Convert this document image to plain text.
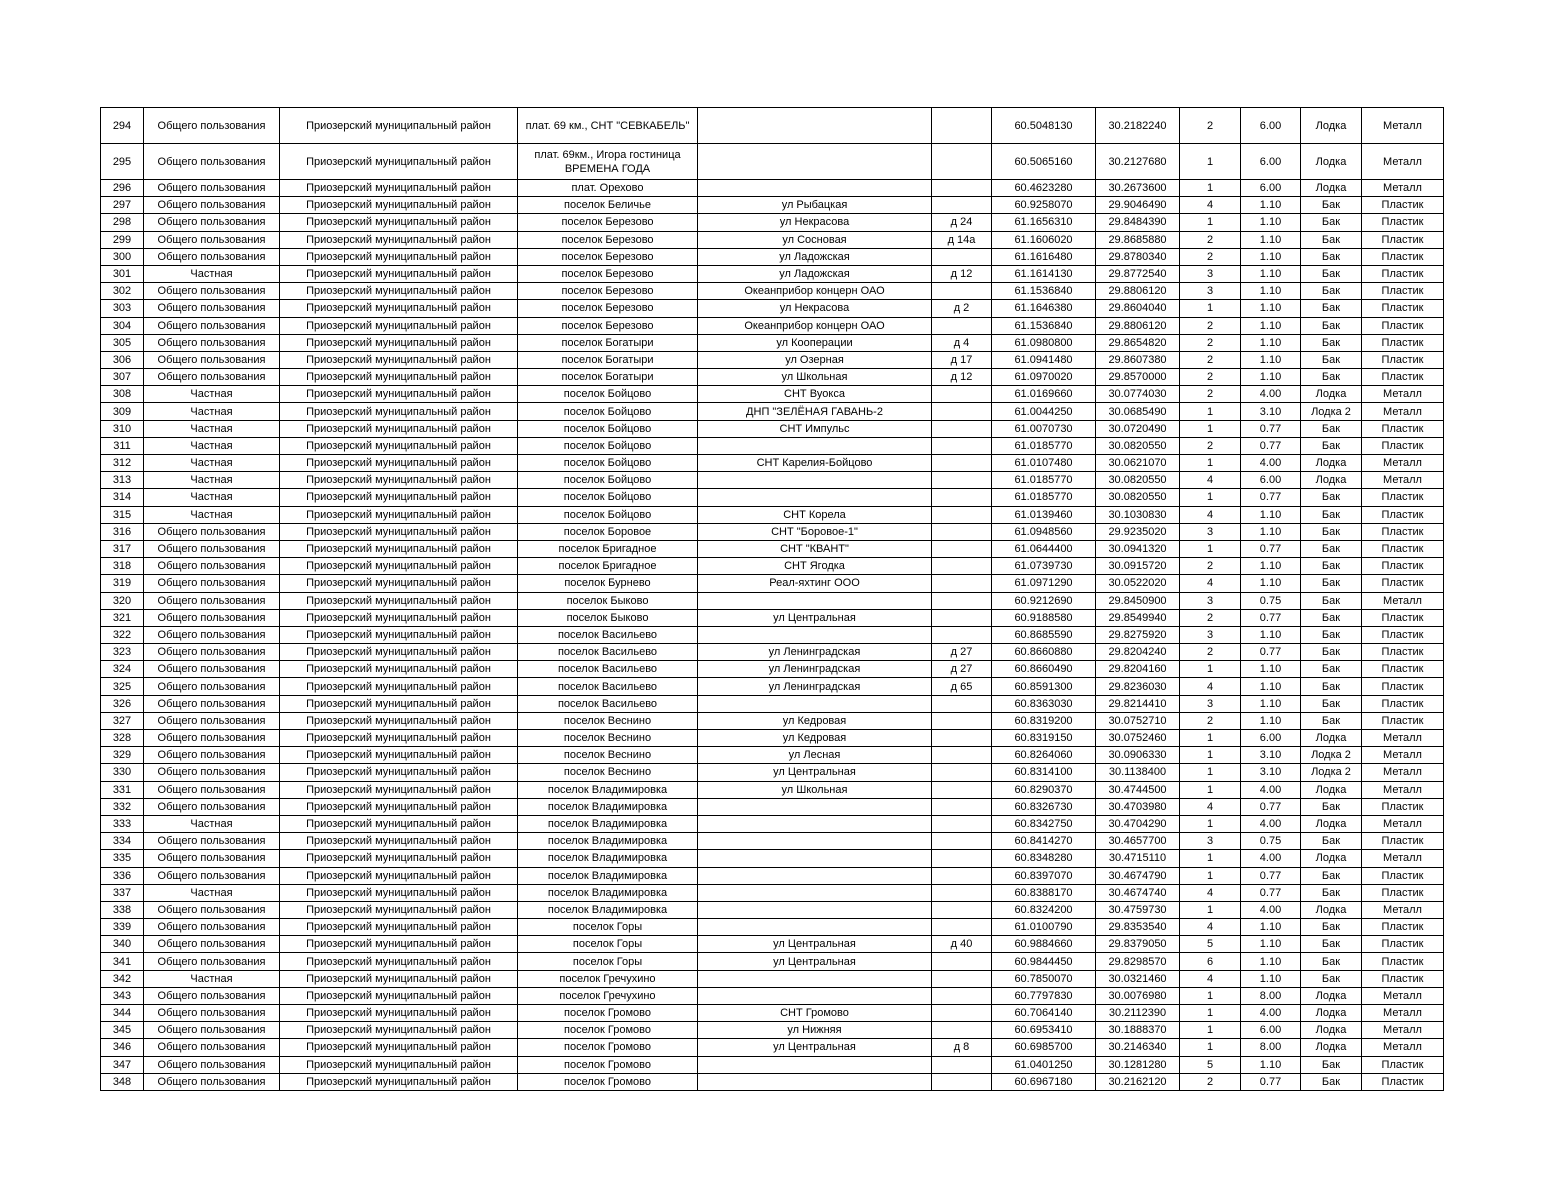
294	Общего пользования	Приозерский муниципальный район	плат. 69 км., СНТ "СЕВКАБЕЛЬ"			60.5048130	30.2182240	2	6.00	Лодка	Металл
295	Общего пользования	Приозерский муниципальный район	плат. 69км., Игора гостиница ВРЕМЕНА ГОДА			60.5065160	30.2127680	1	6.00	Лодка	Металл
296	Общего пользования	Приозерский муниципальный район	плат. Орехово			60.4623280	30.2673600	1	6.00	Лодка	Металл
297	Общего пользования	Приозерский муниципальный район	поселок Беличье	ул Рыбацкая		60.9258070	29.9046490	4	1.10	Бак	Пластик
298	Общего пользования	Приозерский муниципальный район	поселок Березово	ул Некрасова	д 24	61.1656310	29.8484390	1	1.10	Бак	Пластик
299	Общего пользования	Приозерский муниципальный район	поселок Березово	ул Сосновая	д 14а	61.1606020	29.8685880	2	1.10	Бак	Пластик
300	Общего пользования	Приозерский муниципальный район	поселок Березово	ул Ладожская		61.1616480	29.8780340	2	1.10	Бак	Пластик
301	Частная	Приозерский муниципальный район	поселок Березово	ул Ладожская	д 12	61.1614130	29.8772540	3	1.10	Бак	Пластик
302	Общего пользования	Приозерский муниципальный район	поселок Березово	Океанприбор концерн ОАО		61.1536840	29.8806120	3	1.10	Бак	Пластик
303	Общего пользования	Приозерский муниципальный район	поселок Березово	ул Некрасова	д 2	61.1646380	29.8604040	1	1.10	Бак	Пластик
304	Общего пользования	Приозерский муниципальный район	поселок Березово	Океанприбор концерн ОАО		61.1536840	29.8806120	2	1.10	Бак	Пластик
305	Общего пользования	Приозерский муниципальный район	поселок Богатыри	ул Кооперации	д 4	61.0980800	29.8654820	2	1.10	Бак	Пластик
306	Общего пользования	Приозерский муниципальный район	поселок Богатыри	ул Озерная	д 17	61.0941480	29.8607380	2	1.10	Бак	Пластик
307	Общего пользования	Приозерский муниципальный район	поселок Богатыри	ул Школьная	д 12	61.0970020	29.8570000	2	1.10	Бак	Пластик
308	Частная	Приозерский муниципальный район	поселок Бойцово	СНТ Вуокса		61.0169660	30.0774030	2	4.00	Лодка	Металл
309	Частная	Приозерский муниципальный район	поселок Бойцово	ДНП "ЗЕЛЁНАЯ ГАВАНЬ-2		61.0044250	30.0685490	1	3.10	Лодка 2	Металл
310	Частная	Приозерский муниципальный район	поселок Бойцово	СНТ Импульс		61.0070730	30.0720490	1	0.77	Бак	Пластик
311	Частная	Приозерский муниципальный район	поселок Бойцово			61.0185770	30.0820550	2	0.77	Бак	Пластик
312	Частная	Приозерский муниципальный район	поселок Бойцово	СНТ Карелия-Бойцово		61.0107480	30.0621070	1	4.00	Лодка	Металл
313	Частная	Приозерский муниципальный район	поселок Бойцово			61.0185770	30.0820550	4	6.00	Лодка	Металл
314	Частная	Приозерский муниципальный район	поселок Бойцово			61.0185770	30.0820550	1	0.77	Бак	Пластик
315	Частная	Приозерский муниципальный район	поселок Бойцово	СНТ Корела		61.0139460	30.1030830	4	1.10	Бак	Пластик
316	Общего пользования	Приозерский муниципальный район	поселок Боровое	СНТ "Боровое-1"		61.0948560	29.9235020	3	1.10	Бак	Пластик
317	Общего пользования	Приозерский муниципальный район	поселок Бригадное	СНТ "КВАНТ"		61.0644400	30.0941320	1	0.77	Бак	Пластик
318	Общего пользования	Приозерский муниципальный район	поселок Бригадное	СНТ Ягодка		61.0739730	30.0915720	2	1.10	Бак	Пластик
319	Общего пользования	Приозерский муниципальный район	поселок Бурнево	Реал-яхтинг ООО		61.0971290	30.0522020	4	1.10	Бак	Пластик
320	Общего пользования	Приозерский муниципальный район	поселок Быково			60.9212690	29.8450900	3	0.75	Бак	Металл
321	Общего пользования	Приозерский муниципальный район	поселок Быково	ул Центральная		60.9188580	29.8549940	2	0.77	Бак	Пластик
322	Общего пользования	Приозерский муниципальный район	поселок Васильево			60.8685590	29.8275920	3	1.10	Бак	Пластик
323	Общего пользования	Приозерский муниципальный район	поселок Васильево	ул Ленинградская	д 27	60.8660880	29.8204240	2	0.77	Бак	Пластик
324	Общего пользования	Приозерский муниципальный район	поселок Васильево	ул Ленинградская	д 27	60.8660490	29.8204160	1	1.10	Бак	Пластик
325	Общего пользования	Приозерский муниципальный район	поселок Васильево	ул Ленинградская	д 65	60.8591300	29.8236030	4	1.10	Бак	Пластик
326	Общего пользования	Приозерский муниципальный район	поселок Васильево			60.8363030	29.8214410	3	1.10	Бак	Пластик
327	Общего пользования	Приозерский муниципальный район	поселок Веснино	ул Кедровая		60.8319200	30.0752710	2	1.10	Бак	Пластик
328	Общего пользования	Приозерский муниципальный район	поселок Веснино	ул Кедровая		60.8319150	30.0752460	1	6.00	Лодка	Металл
329	Общего пользования	Приозерский муниципальный район	поселок Веснино	ул Лесная		60.8264060	30.0906330	1	3.10	Лодка 2	Металл
330	Общего пользования	Приозерский муниципальный район	поселок Веснино	ул Центральная		60.8314100	30.1138400	1	3.10	Лодка 2	Металл
331	Общего пользования	Приозерский муниципальный район	поселок Владимировка	ул Школьная		60.8290370	30.4744500	1	4.00	Лодка	Металл
332	Общего пользования	Приозерский муниципальный район	поселок Владимировка			60.8326730	30.4703980	4	0.77	Бак	Пластик
333	Частная	Приозерский муниципальный район	поселок Владимировка			60.8342750	30.4704290	1	4.00	Лодка	Металл
334	Общего пользования	Приозерский муниципальный район	поселок Владимировка			60.8414270	30.4657700	3	0.75	Бак	Пластик
335	Общего пользования	Приозерский муниципальный район	поселок Владимировка			60.8348280	30.4715110	1	4.00	Лодка	Металл
336	Общего пользования	Приозерский муниципальный район	поселок Владимировка			60.8397070	30.4674790	1	0.77	Бак	Пластик
337	Частная	Приозерский муниципальный район	поселок Владимировка			60.8388170	30.4674740	4	0.77	Бак	Пластик
338	Общего пользования	Приозерский муниципальный район	поселок Владимировка			60.8324200	30.4759730	1	4.00	Лодка	Металл
339	Общего пользования	Приозерский муниципальный район	поселок Горы			61.0100790	29.8353540	4	1.10	Бак	Пластик
340	Общего пользования	Приозерский муниципальный район	поселок Горы	ул Центральная	д 40	60.9884660	29.8379050	5	1.10	Бак	Пластик
341	Общего пользования	Приозерский муниципальный район	поселок Горы	ул Центральная		60.9844450	29.8298570	6	1.10	Бак	Пластик
342	Частная	Приозерский муниципальный район	поселок Гречухино			60.7850070	30.0321460	4	1.10	Бак	Пластик
343	Общего пользования	Приозерский муниципальный район	поселок Гречухино			60.7797830	30.0076980	1	8.00	Лодка	Металл
344	Общего пользования	Приозерский муниципальный район	поселок Громово	СНТ Громово		60.7064140	30.2112390	1	4.00	Лодка	Металл
345	Общего пользования	Приозерский муниципальный район	поселок Громово	ул Нижняя		60.6953410	30.1888370	1	6.00	Лодка	Металл
346	Общего пользования	Приозерский муниципальный район	поселок Громово	ул Центральная	д 8	60.6985700	30.2146340	1	8.00	Лодка	Металл
347	Общего пользования	Приозерский муниципальный район	поселок Громово			61.0401250	30.1281280	5	1.10	Бак	Пластик
348	Общего пользования	Приозерский муниципальный район	поселок Громово			60.6967180	30.2162120	2	0.77	Бак	Пластик
